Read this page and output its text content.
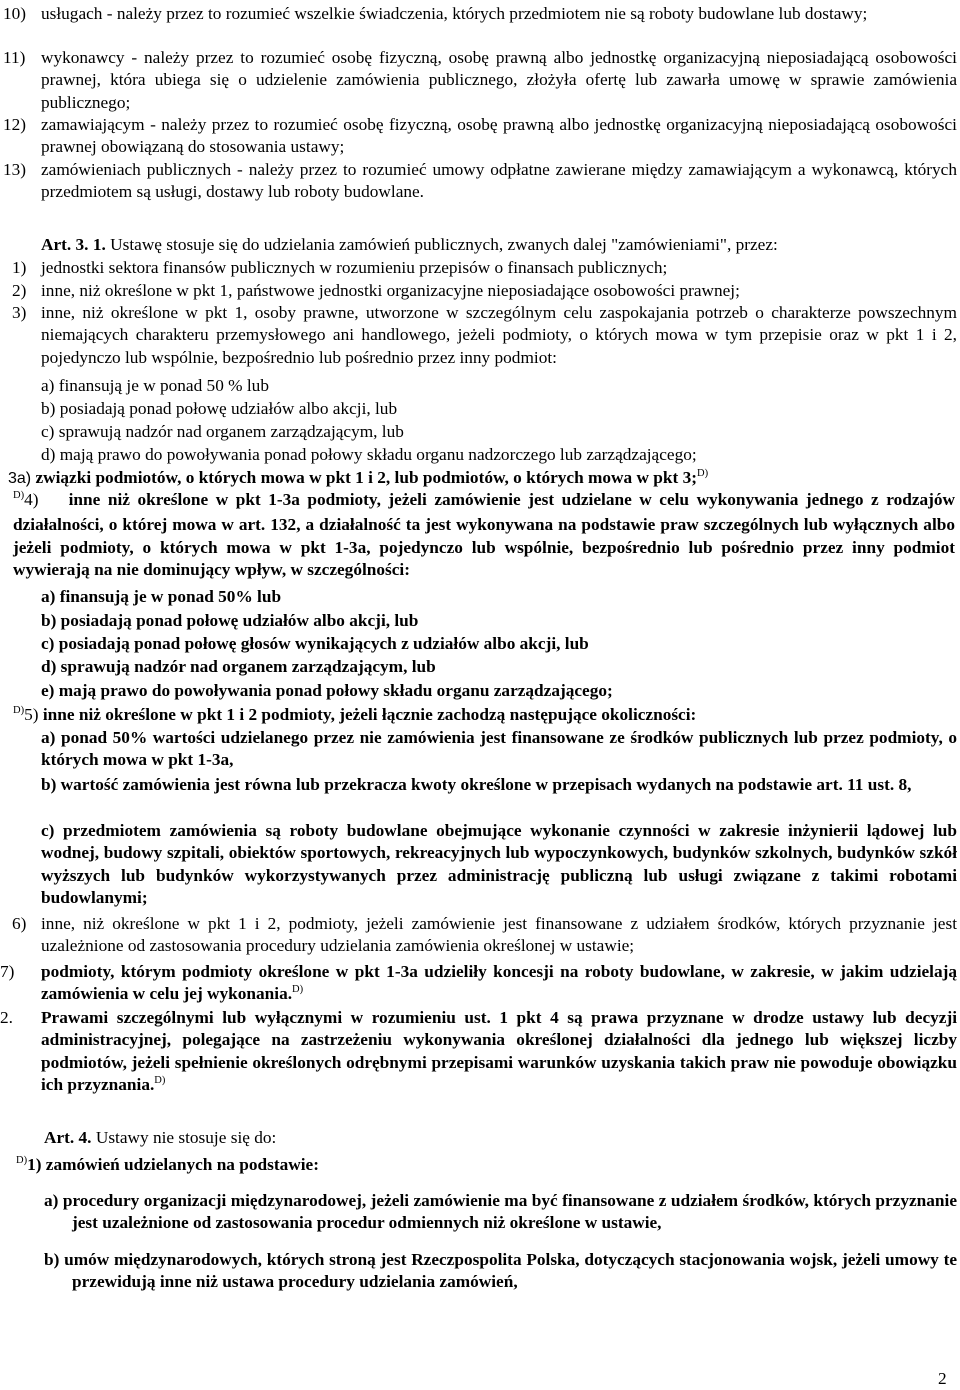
10) usługach - należy przez to rozumieć wszelkie świadczenia, których przedmiotem nie są roboty budowlane lub dostawy;
11) wykonawcy - należy przez to rozumieć osobę fizyczną, osobę prawną albo jednostkę organizacyjną nieposiadającą osobowości prawnej, która ubiega się o udzielenie zamówienia publicznego, złożyła ofertę lub zawarła umowę w sprawie zamówienia publicznego;
12) zamawiającym - należy przez to rozumieć osobę fizyczną, osobę prawną albo jednostkę organizacyjną nieposiadającą osobowości prawnej obowiązaną do stosowania ustawy;
13) zamówieniach publicznych - należy przez to rozumieć umowy odpłatne zawierane między zamawiającym a wykonawcą, których przedmiotem są usługi, dostawy lub roboty budowlane.
Art. 3. 1. Ustawę stosuje się do udzielania zamówień publicznych, zwanych dalej "zamówieniami", przez:
1) jednostki sektora finansów publicznych w rozumieniu przepisów o finansach publicznych;
2) inne, niż określone w pkt 1, państwowe jednostki organizacyjne nieposiadające osobowości prawnej;
3) inne, niż określone w pkt 1, osoby prawne, utworzone w szczególnym celu zaspokajania potrzeb o charakterze powszechnym niemających charakteru przemysłowego ani handlowego, jeżeli podmioty, o których mowa w tym przepisie oraz w pkt 1 i 2, pojedynczo lub wspólnie, bezpośrednio lub pośrednio przez inny podmiot:
a) finansują je w ponad 50 % lub
b) posiadają ponad połowę udziałów albo akcji, lub
c) sprawują nadzór nad organem zarządzającym, lub
d) mają prawo do powoływania ponad połowy składu organu nadzorczego lub zarządzającego;
3a) związki podmiotów, o których mowa w pkt 1 i 2, lub podmiotów, o których mowa w pkt 3;$^{D)}$
$^{D)}$4) inne niż określone w pkt 1-3a podmioty, jeżeli zamówienie jest udzielane w celu wykonywania jednego z rodzajów działalności, o której mowa w art. 132, a działalność ta jest wykonywana na podstawie praw szczególnych lub wyłącznych albo jeżeli podmioty, o których mowa w pkt 1-3a, pojedynczo lub wspólnie, bezpośrednio lub pośrednio przez inny podmiot wywierają na nie dominujący wpływ, w szczególności:
a) finansują je w ponad 50% lub
b) posiadają ponad połowę udziałów albo akcji, lub
c) posiadają ponad połowę głosów wynikających z udziałów albo akcji, lub
d) sprawują nadzór nad organem zarządzającym, lub
e) mają prawo do powoływania ponad połowy składu organu zarządzającego;
$^{D)}$5) inne niż określone w pkt 1 i 2 podmioty, jeżeli łącznie zachodzą następujące okoliczności:
a) ponad 50% wartości udzielanego przez nie zamówienia jest finansowane ze środków publicznych lub przez podmioty, o których mowa w pkt 1-3a,
b) wartość zamówienia jest równa lub przekracza kwoty określone w przepisach wydanych na podstawie art. 11 ust. 8,
c) przedmiotem zamówienia są roboty budowlane obejmujące wykonanie czynności w zakresie inżynierii lądowej lub wodnej, budowy szpitali, obiektów sportowych, rekreacyjnych lub wypoczynkowych, budynków szkolnych, budynków szkół wyższych lub budynków wykorzystywanych przez administrację publiczną lub usługi związane z takimi robotami budowlanymi;
6) inne, niż określone w pkt 1 i 2, podmioty, jeżeli zamówienie jest finansowane z udziałem środków, których przyznanie jest uzależnione od zastosowania procedury udzielania zamówienia określonej w ustawie;
7) podmioty, którym podmioty określone w pkt 1-3a udzieliły koncesji na roboty budowlane, w zakresie, w jakim udzielają zamówienia w celu jej wykonania.$^{D)}$
2. Prawami szczególnymi lub wyłącznymi w rozumieniu ust. 1 pkt 4 są prawa przyznane w drodze ustawy lub decyzji administracyjnej, polegające na zastrzeżeniu wykonywania określonej działalności dla jednego lub większej liczby podmiotów, jeżeli spełnienie określonych odrębnymi przepisami warunków uzyskania takich praw nie powoduje obowiązku ich przyznania.$^{D)}$
Art. 4. Ustawy nie stosuje się do:
$^{D)}$1) zamówień udzielanych na podstawie:
a) procedury organizacji międzynarodowej, jeżeli zamówienie ma być finansowane z udziałem środków, których przyznanie jest uzależnione od zastosowania procedur odmiennych niż określone w ustawie,
b) umów międzynarodowych, których stroną jest Rzeczpospolita Polska, dotyczących stacjonowania wojsk, jeżeli umowy te przewidują inne niż ustawa procedury udzielania zamówień,
2
